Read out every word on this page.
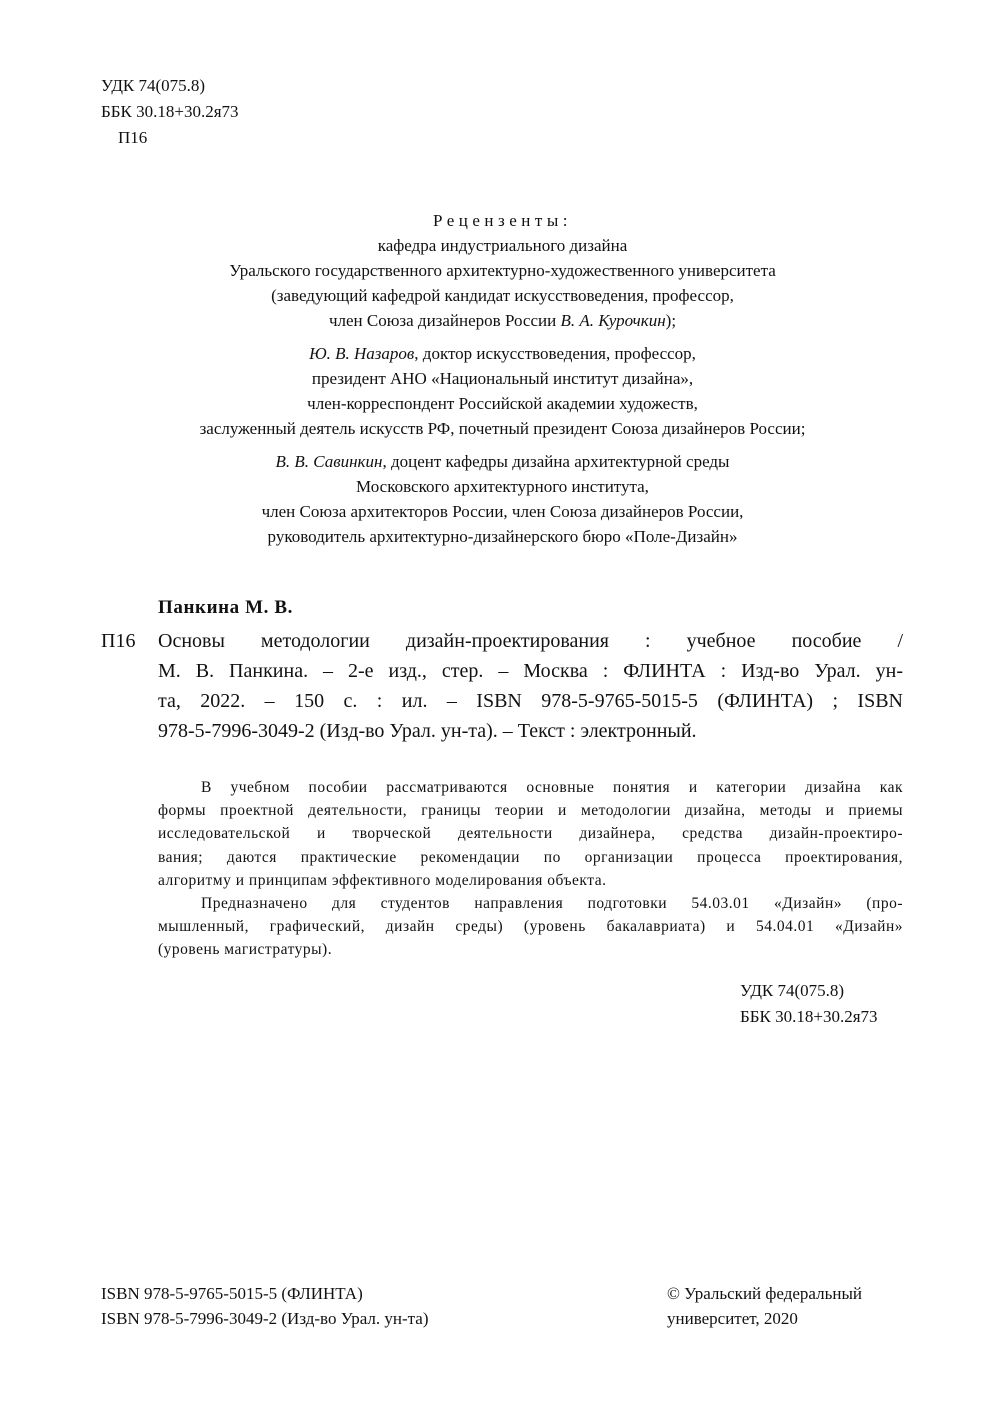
УДК 74(075.8)
ББК 30.18+30.2я73
П16
Рецензенты:
кафедра индустриального дизайна
Уральского государственного архитектурно-художественного университета
(заведующий кафедрой кандидат искусствоведения, профессор,
член Союза дизайнеров России В. А. Курочкин);
Ю. В. Назаров, доктор искусствоведения, профессор,
президент АНО «Национальный институт дизайна»,
член-корреспондент Российской академии художеств,
заслуженный деятель искусств РФ, почетный президент Союза дизайнеров России;
В. В. Савинкин, доцент кафедры дизайна архитектурной среды
Московского архитектурного института,
член Союза архитекторов России, член Союза дизайнеров России,
руководитель архитектурно-дизайнерского бюро «Поле-Дизайн»
Панкина М. В.
П16 Основы методологии дизайн-проектирования : учебное пособие /
М. В. Панкина. – 2-е изд., стер. – Москва : ФЛИНТА : Изд-во Урал. ун-
та, 2022. – 150 с. : ил. – ISBN 978-5-9765-5015-5 (ФЛИНТА) ; ISBN
978-5-7996-3049-2 (Изд-во Урал. ун-та). – Текст : электронный.
В учебном пособии рассматриваются основные понятия и категории дизайна как
формы проектной деятельности, границы теории и методологии дизайна, методы и приемы
исследовательской и творческой деятельности дизайнера, средства дизайн-проектиро-
вания; даются практические рекомендации по организации процесса проектирования,
алгоритму и принципам эффективного моделирования объекта.
Предназначено для студентов направления подготовки 54.03.01 «Дизайн» (про-
мышленный, графический, дизайн среды) (уровень бакалавриата) и 54.04.01 «Дизайн»
(уровень магистратуры).
УДК 74(075.8)
ББК 30.18+30.2я73
ISBN 978-5-9765-5015-5 (ФЛИНТА)
ISBN 978-5-7996-3049-2 (Изд-во Урал. ун-та)
© Уральский федеральный
университет, 2020
